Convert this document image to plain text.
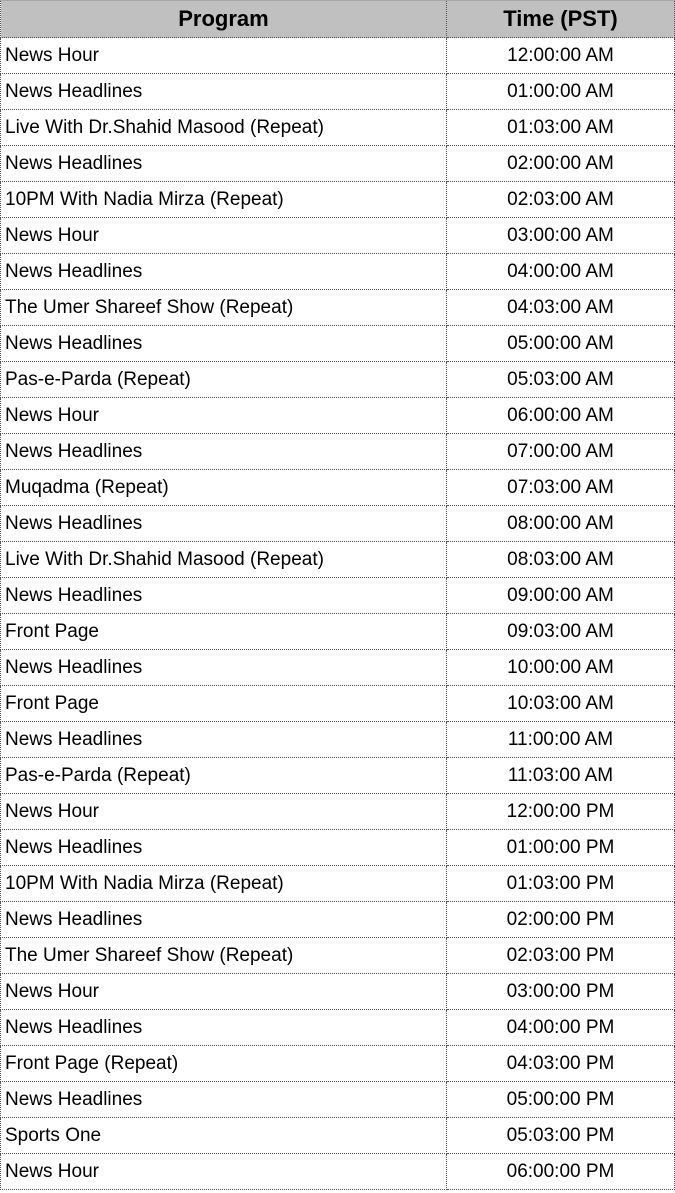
Program	Time (PST)
News Hour	12:00:00 AM
News Headlines	01:00:00 AM
Live With Dr.Shahid Masood (Repeat)	01:03:00 AM
News Headlines	02:00:00 AM
10PM With Nadia Mirza (Repeat)	02:03:00 AM
News Hour	03:00:00 AM
News Headlines	04:00:00 AM
The Umer Shareef Show (Repeat)	04:03:00 AM
News Headlines	05:00:00 AM
Pas-e-Parda (Repeat)	05:03:00 AM
News Hour	06:00:00 AM
News Headlines	07:00:00 AM
Muqadma (Repeat)	07:03:00 AM
News Headlines	08:00:00 AM
Live With Dr.Shahid Masood (Repeat)	08:03:00 AM
News Headlines	09:00:00 AM
Front Page	09:03:00 AM
News Headlines	10:00:00 AM
Front Page	10:03:00 AM
News Headlines	11:00:00 AM
Pas-e-Parda (Repeat)	11:03:00 AM
News Hour	12:00:00 PM
News Headlines	01:00:00 PM
10PM With Nadia Mirza (Repeat)	01:03:00 PM
News Headlines	02:00:00 PM
The Umer Shareef Show (Repeat)	02:03:00 PM
News Hour	03:00:00 PM
News Headlines	04:00:00 PM
Front Page (Repeat)	04:03:00 PM
News Headlines	05:00:00 PM
Sports One	05:03:00 PM
News Hour	06:00:00 PM
